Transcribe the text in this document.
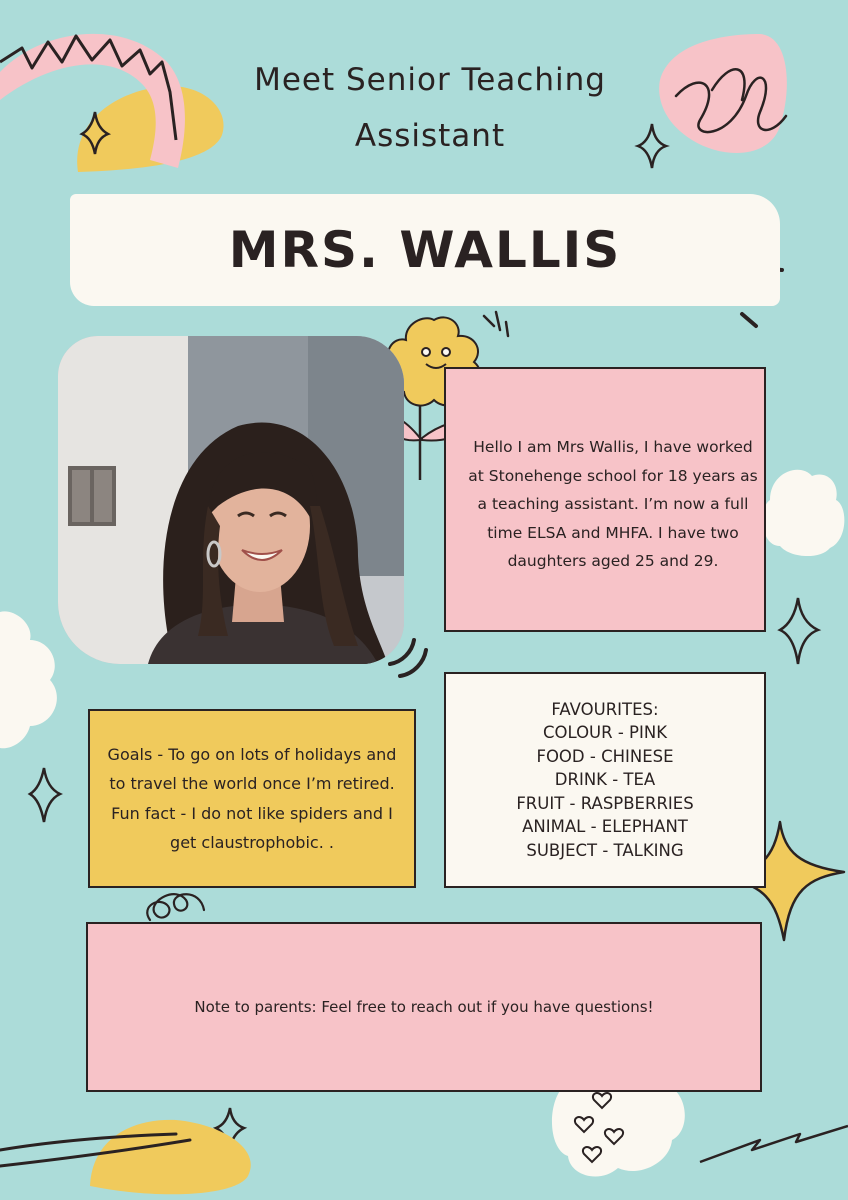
Meet Senior Teaching
Assistant
MRS. WALLIS
Hello I am Mrs Wallis, I have worked at Stonehenge school for 18 years as a teaching assistant. I’m now a full time ELSA and MHFA. I have two daughters aged 25 and 29.
FAVOURITES:
COLOUR - PINK
FOOD - CHINESE
DRINK - TEA
FRUIT - RASPBERRIES
ANIMAL - ELEPHANT
SUBJECT - TALKING
Goals - To go on lots of holidays and to travel the world once I’m retired.
Fun fact - I do not like spiders and I get claustrophobic. .
Note to parents: Feel free to reach out if you have questions!
